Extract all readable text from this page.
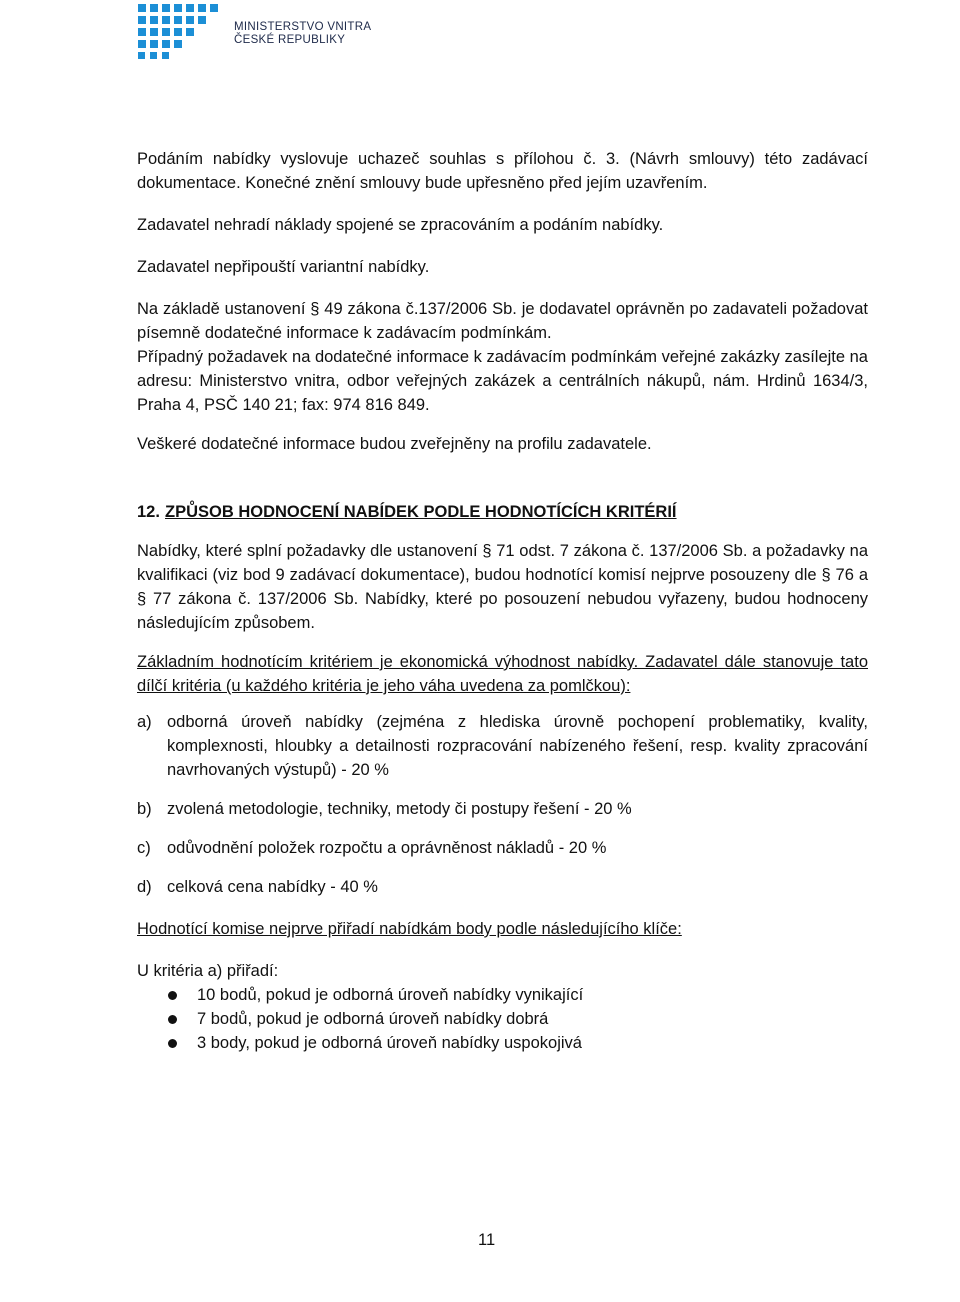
MINISTERSTVO VNITRA
ČESKÉ REPUBLIKY

Podáním nabídky vyslovuje uchazeč souhlas s přílohou č. 3. (Návrh smlouvy) této zadávací dokumentace. Konečné znění smlouvy bude upřesněno před jejím uzavřením.

Zadavatel nehradí náklady spojené se zpracováním a podáním nabídky.

Zadavatel nepřipouští variantní nabídky.

Na základě ustanovení § 49 zákona č.137/2006 Sb. je dodavatel oprávněn po zadavateli požadovat písemně dodatečné informace k zadávacím podmínkám.

Případný požadavek na dodatečné informace k zadávacím podmínkám veřejné zakázky zasílejte na adresu: Ministerstvo vnitra, odbor veřejných zakázek a centrálních nákupů, nám. Hrdinů 1634/3, Praha 4, PSČ 140 21; fax: 974 816 849.

Veškeré dodatečné informace budou zveřejněny na profilu zadavatele.

12. ZPŮSOB HODNOCENÍ NABÍDEK PODLE HODNOTÍCÍCH KRITÉRIÍ

Nabídky, které splní požadavky dle ustanovení § 71 odst. 7 zákona č. 137/2006 Sb. a požadavky na kvalifikaci (viz bod 9 zadávací dokumentace), budou hodnotící komisí nejprve posouzeny dle § 76 a § 77 zákona č. 137/2006 Sb. Nabídky, které po posouzení nebudou vyřazeny, budou hodnoceny následujícím způsobem.

Základním hodnotícím kritériem je ekonomická výhodnost nabídky. Zadavatel dále stanovuje tato dílčí kritéria (u každého kritéria je jeho váha uvedena za pomlčkou):

a) odborná úroveň nabídky (zejména z hlediska úrovně pochopení problematiky, kvality, komplexnosti, hloubky a detailnosti rozpracování nabízeného řešení, resp. kvality zpracování navrhovaných výstupů) - 20 %
b) zvolená metodologie, techniky, metody či postupy řešení - 20 %
c) odůvodnění položek rozpočtu a oprávněnost nákladů - 20 %
d) celková cena nabídky - 40 %

Hodnotící komise nejprve přiřadí nabídkám body podle následujícího klíče:

U kritéria a) přiřadí:

10 bodů, pokud je odborná úroveň nabídky vynikající
7 bodů, pokud je odborná úroveň nabídky dobrá
3 body, pokud je odborná úroveň nabídky uspokojivá
11
